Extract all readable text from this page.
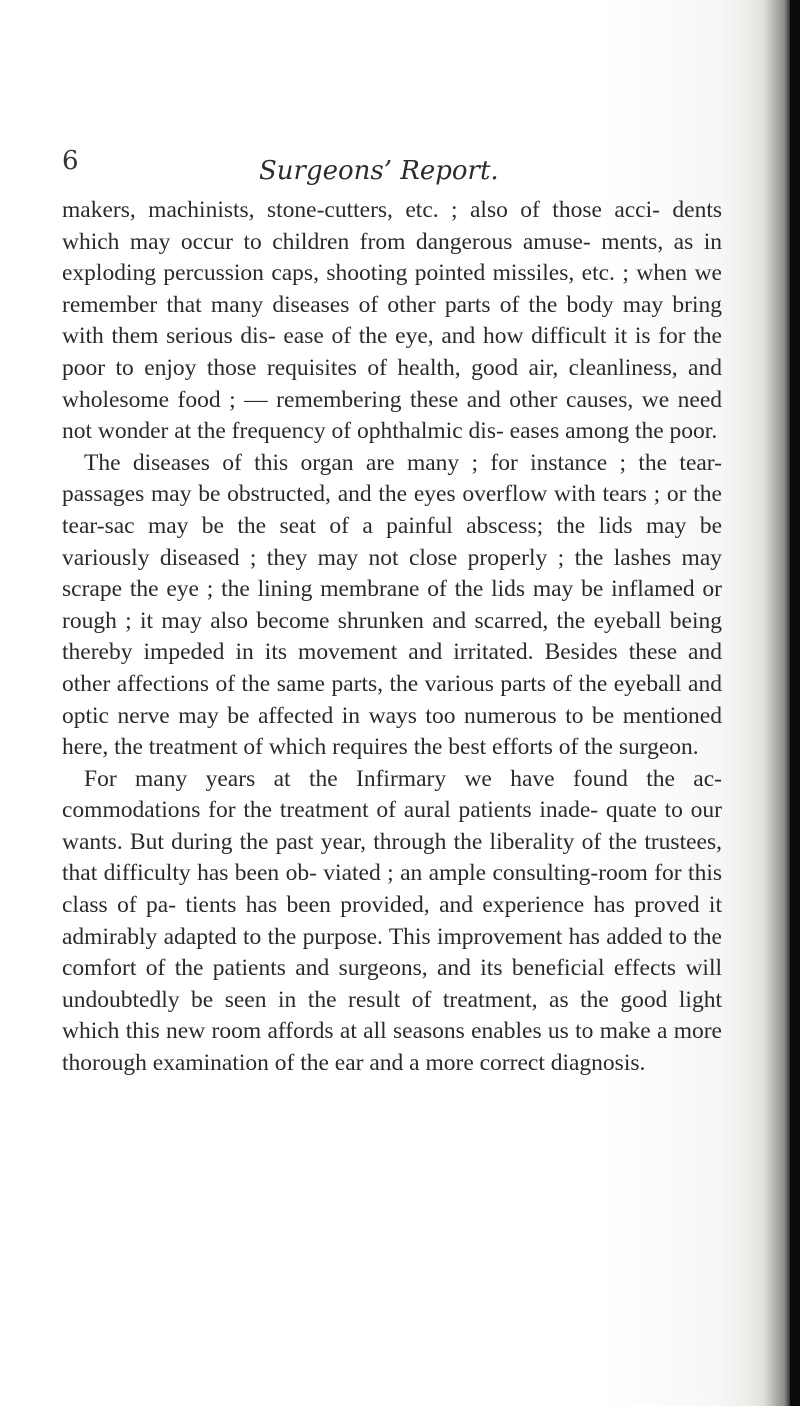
6	Surgeons’ Report.

makers, machinists, stone-cutters, etc. ; also of those acci- dents which may occur to children from dangerous amuse- ments, as in exploding percussion caps, shooting pointed missiles, etc. ; when we remember that many diseases of other parts of the body may bring with them serious dis- ease of the eye, and how difficult it is for the poor to enjoy those requisites of health, good air, cleanliness, and wholesome food ; — remembering these and other causes, we need not wonder at the frequency of ophthalmic dis- eases among the poor.

The diseases of this organ are many ; for instance ; the tear-passages may be obstructed, and the eyes overflow with tears ; or the tear-sac may be the seat of a painful abscess; the lids may be variously diseased ; they may not close properly ; the lashes may scrape the eye ; the lining membrane of the lids may be inflamed or rough ; it may also become shrunken and scarred, the eyeball being thereby impeded in its movement and irritated. Besides these and other affections of the same parts, the various parts of the eyeball and optic nerve may be affected in ways too numerous to be mentioned here, the treatment of which requires the best efforts of the surgeon.

For many years at the Infirmary we have found the ac- commodations for the treatment of aural patients inade- quate to our wants. But during the past year, through the liberality of the trustees, that difficulty has been ob- viated ; an ample consulting-room for this class of pa- tients has been provided, and experience has proved it admirably adapted to the purpose. This improvement has added to the comfort of the patients and surgeons, and its beneficial effects will undoubtedly be seen in the result of treatment, as the good light which this new room affords at all seasons enables us to make a more thorough examination of the ear and a more correct diagnosis.
